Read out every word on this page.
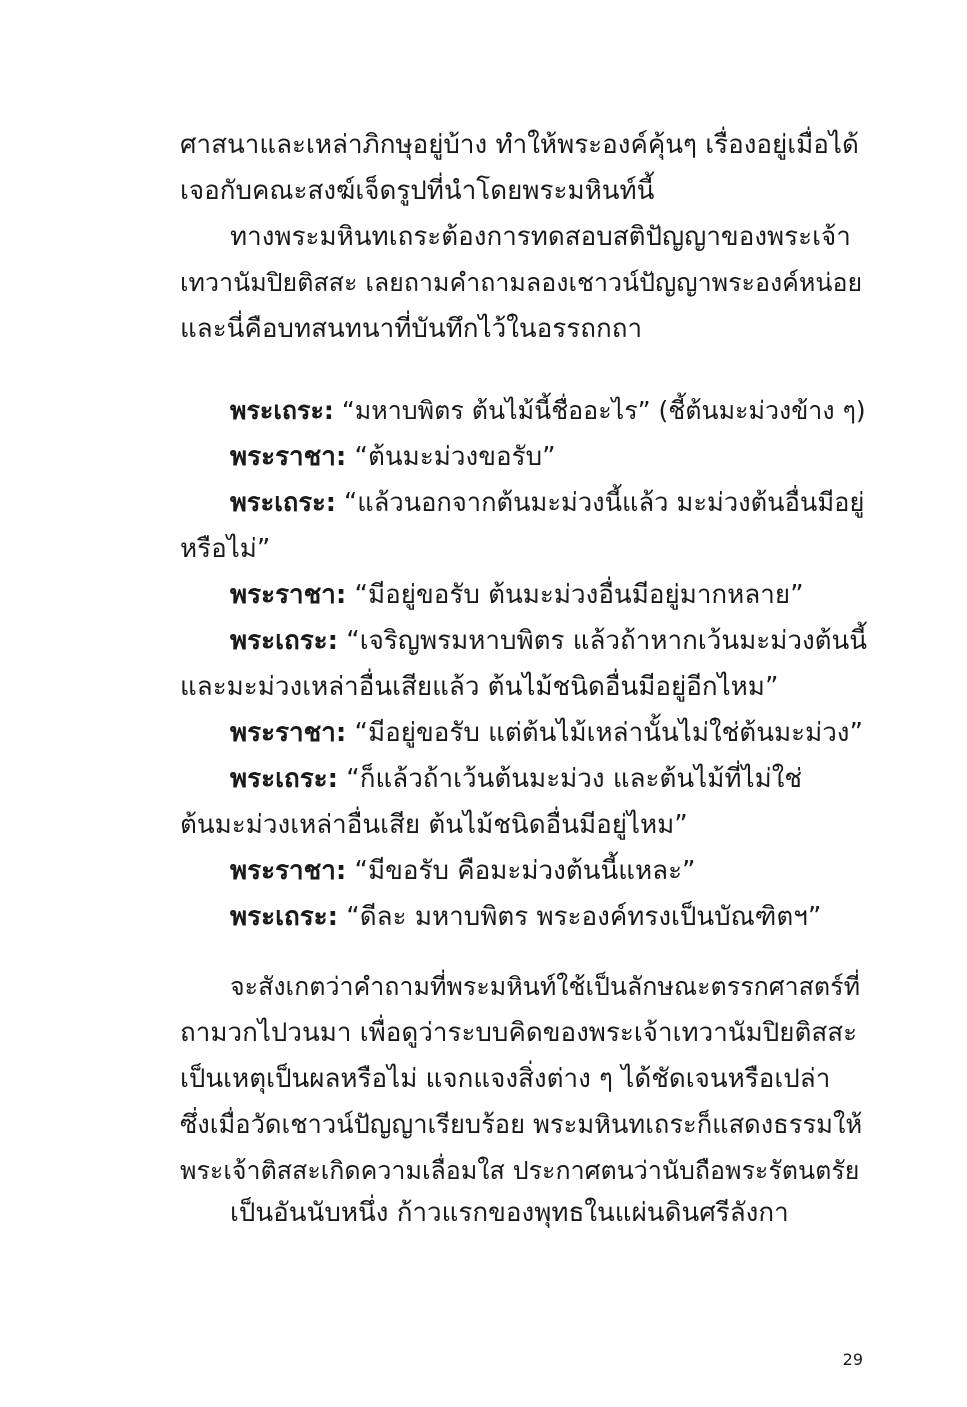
ศาสนาและเหล่าภิกษุอยู่บ้าง ทำให้พระองค์คุ้นๆ เรื่องอยู่เมื่อได้
เจอกับคณะสงฆ์เจ็ดรูปที่นำโดยพระมหินท์นี้
ทางพระมหินทเถระต้องการทดสอบสติปัญญาของพระเจ้า
เทวานัมปิยติสสะ เลยถามคำถามลองเชาวน์ปัญญาพระองค์หน่อย
และนี่คือบทสนทนาที่บันทึกไว้ในอรรถกถา
พระเถระ: “มหาบพิตร ต้นไม้นี้ชื่ออะไร” (ชี้ต้นมะม่วงข้าง ๆ)
พระราชา: “ต้นมะม่วงขอรับ”
พระเถระ: “แล้วนอกจากต้นมะม่วงนี้แล้ว มะม่วงต้นอื่นมีอยู่
หรือไม่”
พระราชา: “มีอยู่ขอรับ ต้นมะม่วงอื่นมีอยู่มากหลาย”
พระเถระ: “เจริญพรมหาบพิตร แล้วถ้าหากเว้นมะม่วงต้นนี้
และมะม่วงเหล่าอื่นเสียแล้ว ต้นไม้ชนิดอื่นมีอยู่อีกไหม”
พระราชา: “มีอยู่ขอรับ แต่ต้นไม้เหล่านั้นไม่ใช่ต้นมะม่วง”
พระเถระ: “ก็แล้วถ้าเว้นต้นมะม่วง และต้นไม้ที่ไม่ใช่
ต้นมะม่วงเหล่าอื่นเสีย ต้นไม้ชนิดอื่นมีอยู่ไหม”
พระราชา: “มีขอรับ คือมะม่วงต้นนี้แหละ”
พระเถระ: “ดีละ มหาบพิตร พระองค์ทรงเป็นบัณฑิตฯ”
จะสังเกตว่าคำถามที่พระมหินท์ใช้เป็นลักษณะตรรกศาสตร์ที่
ถามวกไปวนมา เพื่อดูว่าระบบคิดของพระเจ้าเทวานัมปิยติสสะ
เป็นเหตุเป็นผลหรือไม่ แจกแจงสิ่งต่าง ๆ ได้ชัดเจนหรือเปล่า
ซึ่งเมื่อวัดเชาวน์ปัญญาเรียบร้อย พระมหินทเถระก็แสดงธรรมให้
พระเจ้าติสสะเกิดความเลื่อมใส ประกาศตนว่านับถือพระรัตนตรัย
เป็นอันนับหนึ่ง ก้าวแรกของพุทธในแผ่นดินศรีลังกา
29
